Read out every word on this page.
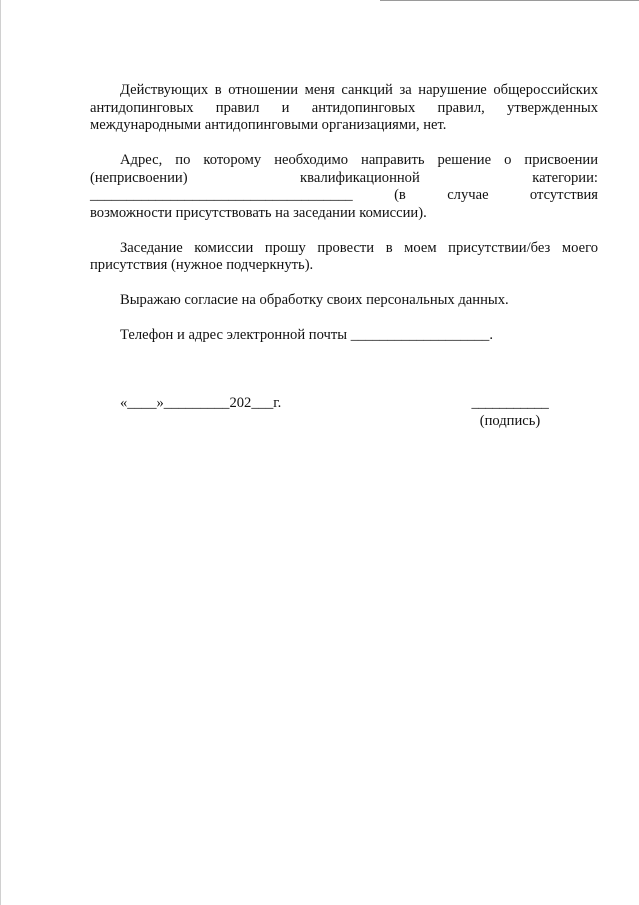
Действующих в отношении меня санкций за нарушение общероссийских
антидопинговых правил и антидопинговых правил, утвержденных
международными антидопинговыми организациями, нет.

Адрес, по которому необходимо направить решение о присвоении
(неприсвоении) квалификационной категории:
____________________________________ (в случае отсутствия
возможности присутствовать на заседании комиссии).

Заседание комиссии прошу провести в моем присутствии/без моего
присутствия (нужное подчеркнуть).

Выражаю согласие на обработку своих персональных данных.

Телефон и адрес электронной почты ___________________.

«____»_________202___г.	___________
(подпись)
